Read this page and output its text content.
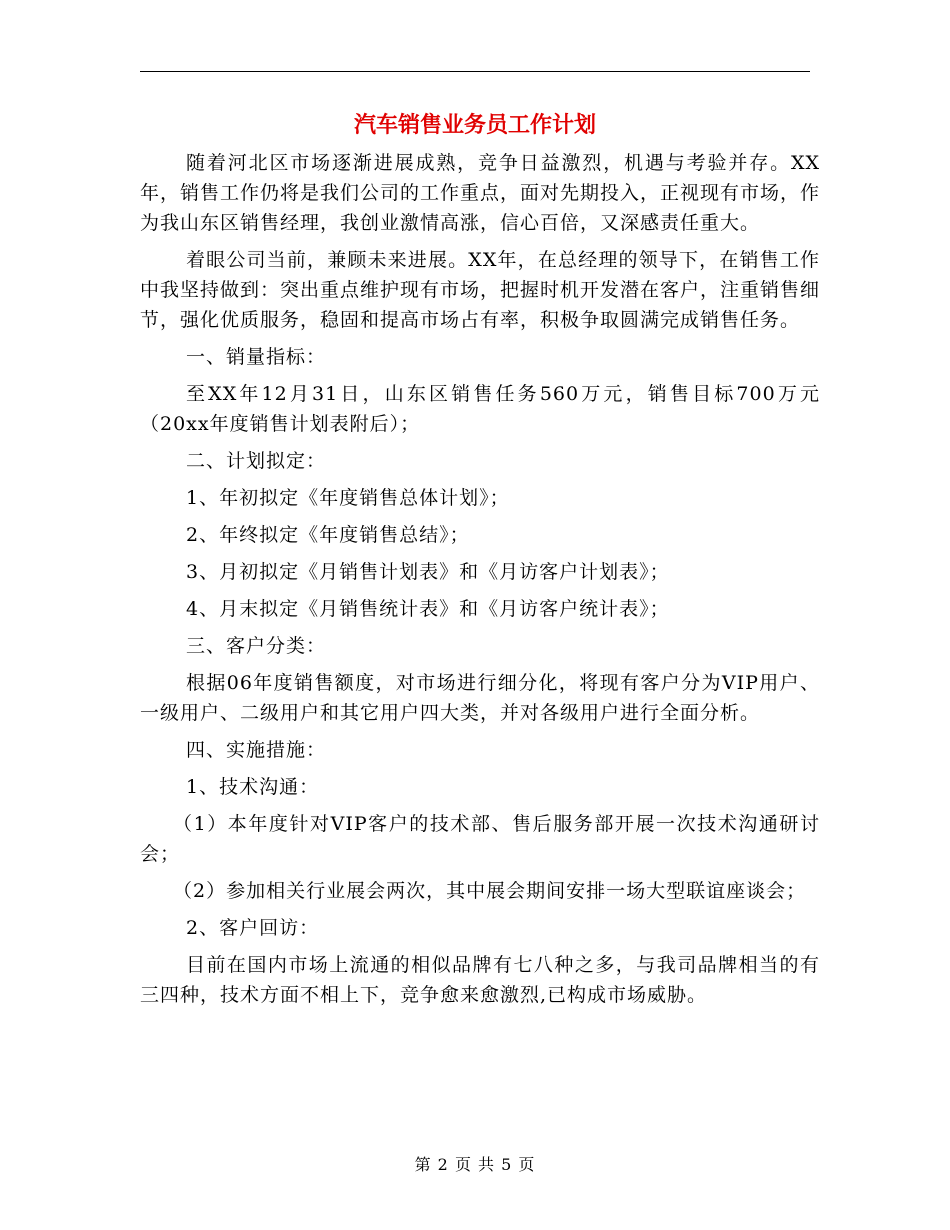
汽车销售业务员工作计划

随着河北区市场逐渐进展成熟，竞争日益激烈，机遇与考验并存。XX年，销售工作仍将是我们公司的工作重点，面对先期投入，正视现有市场，作为我山东区销售经理，我创业激情高涨，信心百倍，又深感责任重大。

着眼公司当前，兼顾未来进展。XX年，在总经理的领导下，在销售工作中我坚持做到：突出重点维护现有市场，把握时机开发潜在客户，注重销售细节，强化优质服务，稳固和提高市场占有率，积极争取圆满完成销售任务。

一、销量指标：

至XX年12月31日，山东区销售任务560万元，销售目标700万元（20xx年度销售计划表附后）；

二、计划拟定：

1、年初拟定《年度销售总体计划》；

2、年终拟定《年度销售总结》；

3、月初拟定《月销售计划表》和《月访客户计划表》；

4、月末拟定《月销售统计表》和《月访客户统计表》；

三、客户分类：

根据06年度销售额度，对市场进行细分化，将现有客户分为VIP用户、一级用户、二级用户和其它用户四大类，并对各级用户进行全面分析。

四、实施措施：

1、技术沟通：

（1）本年度针对VIP客户的技术部、售后服务部开展一次技术沟通研讨会；

（2）参加相关行业展会两次，其中展会期间安排一场大型联谊座谈会；

2、客户回访：

目前在国内市场上流通的相似品牌有七八种之多，与我司品牌相当的有三四种，技术方面不相上下，竞争愈来愈激烈,已构成市场威胁。

第 2 页 共 5 页
